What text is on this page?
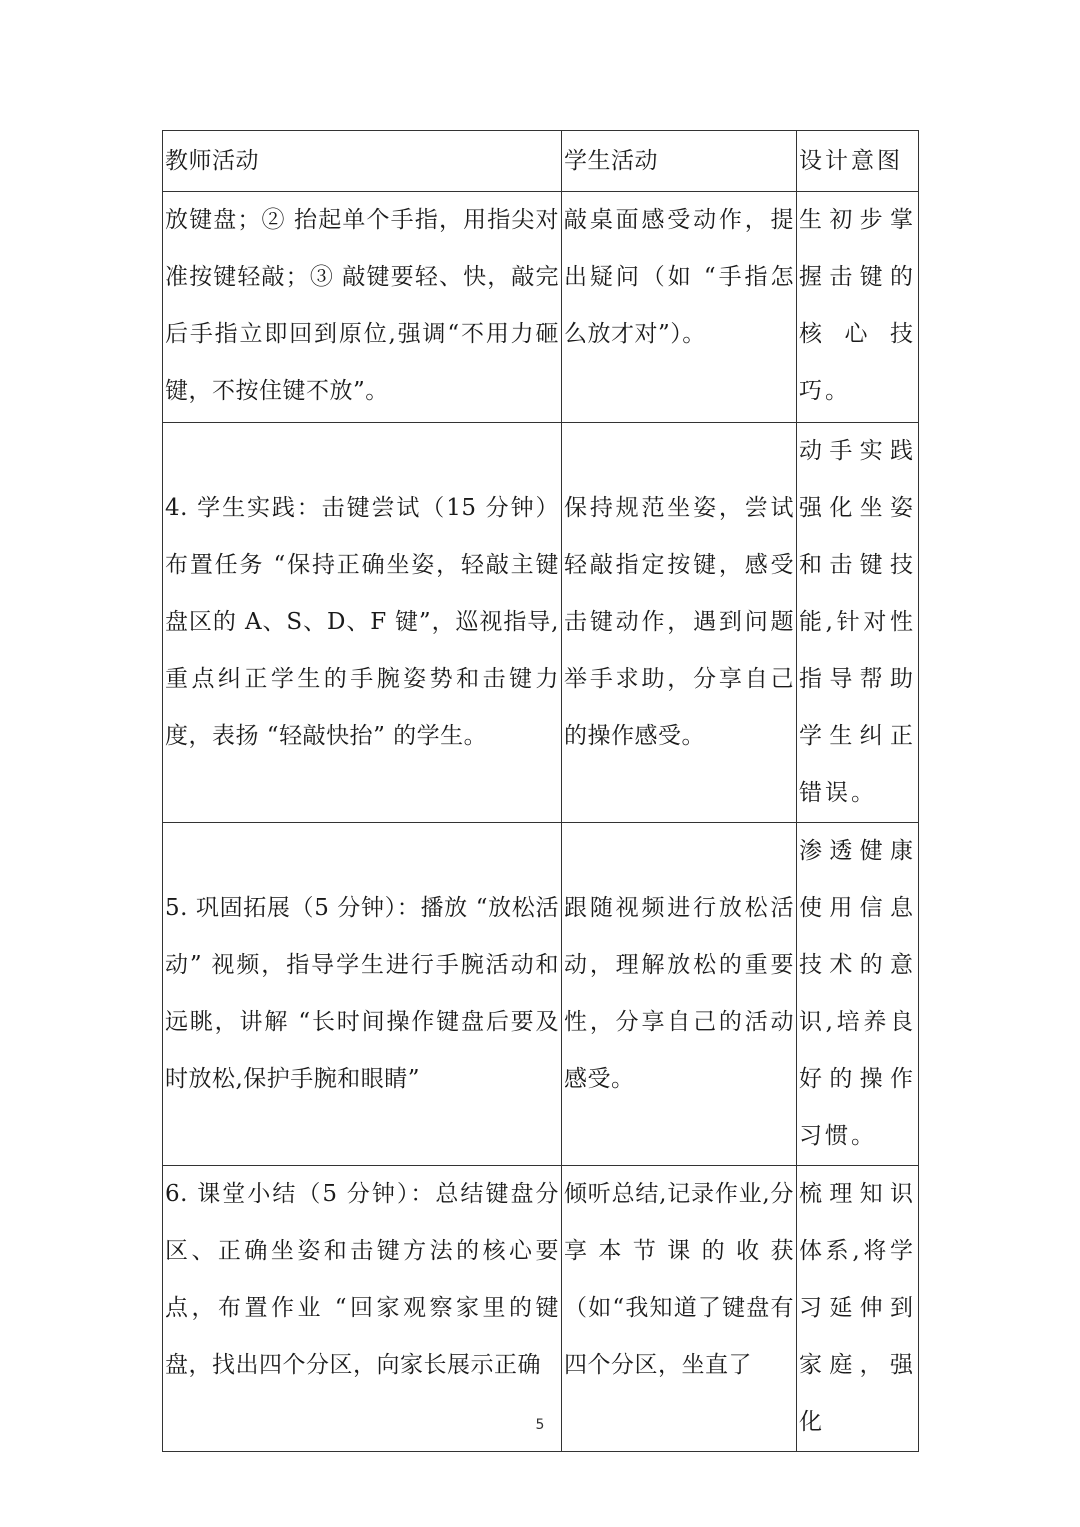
教师活动	学生活动	设计意图
放键盘；② 抬起单个手指，用指尖对准按键轻敲；③ 敲键要轻、快，敲完后手指立即回到原位,强调“不用力砸键，不按住键不放”。	敲桌面感受动作，提出疑问（如 “手指怎么放才对”）。	生初步掌握击键的核心技巧。
4. 学生实践：击键尝试（15 分钟）布置任务 “保持正确坐姿，轻敲主键盘区的 A、S、D、F 键”，巡视指导,重点纠正学生的手腕姿势和击键力度，表扬 “轻敲快抬” 的学生。	保持规范坐姿，尝试轻敲指定按键，感受击键动作，遇到问题举手求助，分享自己的操作感受。	动手实践强化坐姿和击键技能,针对性指导帮助学生纠正错误。
5. 巩固拓展（5 分钟）：播放 “放松活动” 视频，指导学生进行手腕活动和远眺，讲解 “长时间操作键盘后要及时放松,保护手腕和眼睛”	跟随视频进行放松活动，理解放松的重要性，分享自己的活动感受。	渗透健康使用信息技术的意识,培养良好的操作习惯。
6. 课堂小结（5 分钟）：总结键盘分区、正确坐姿和击键方法的核心要点，布置作业 “回家观察家里的键盘，找出四个分区，向家长展示正确	倾听总结,记录作业,分享本节课的收获（如“我知道了键盘有四个分区，坐直了	梳理知识体系,将学习延伸到家庭，强化
5
